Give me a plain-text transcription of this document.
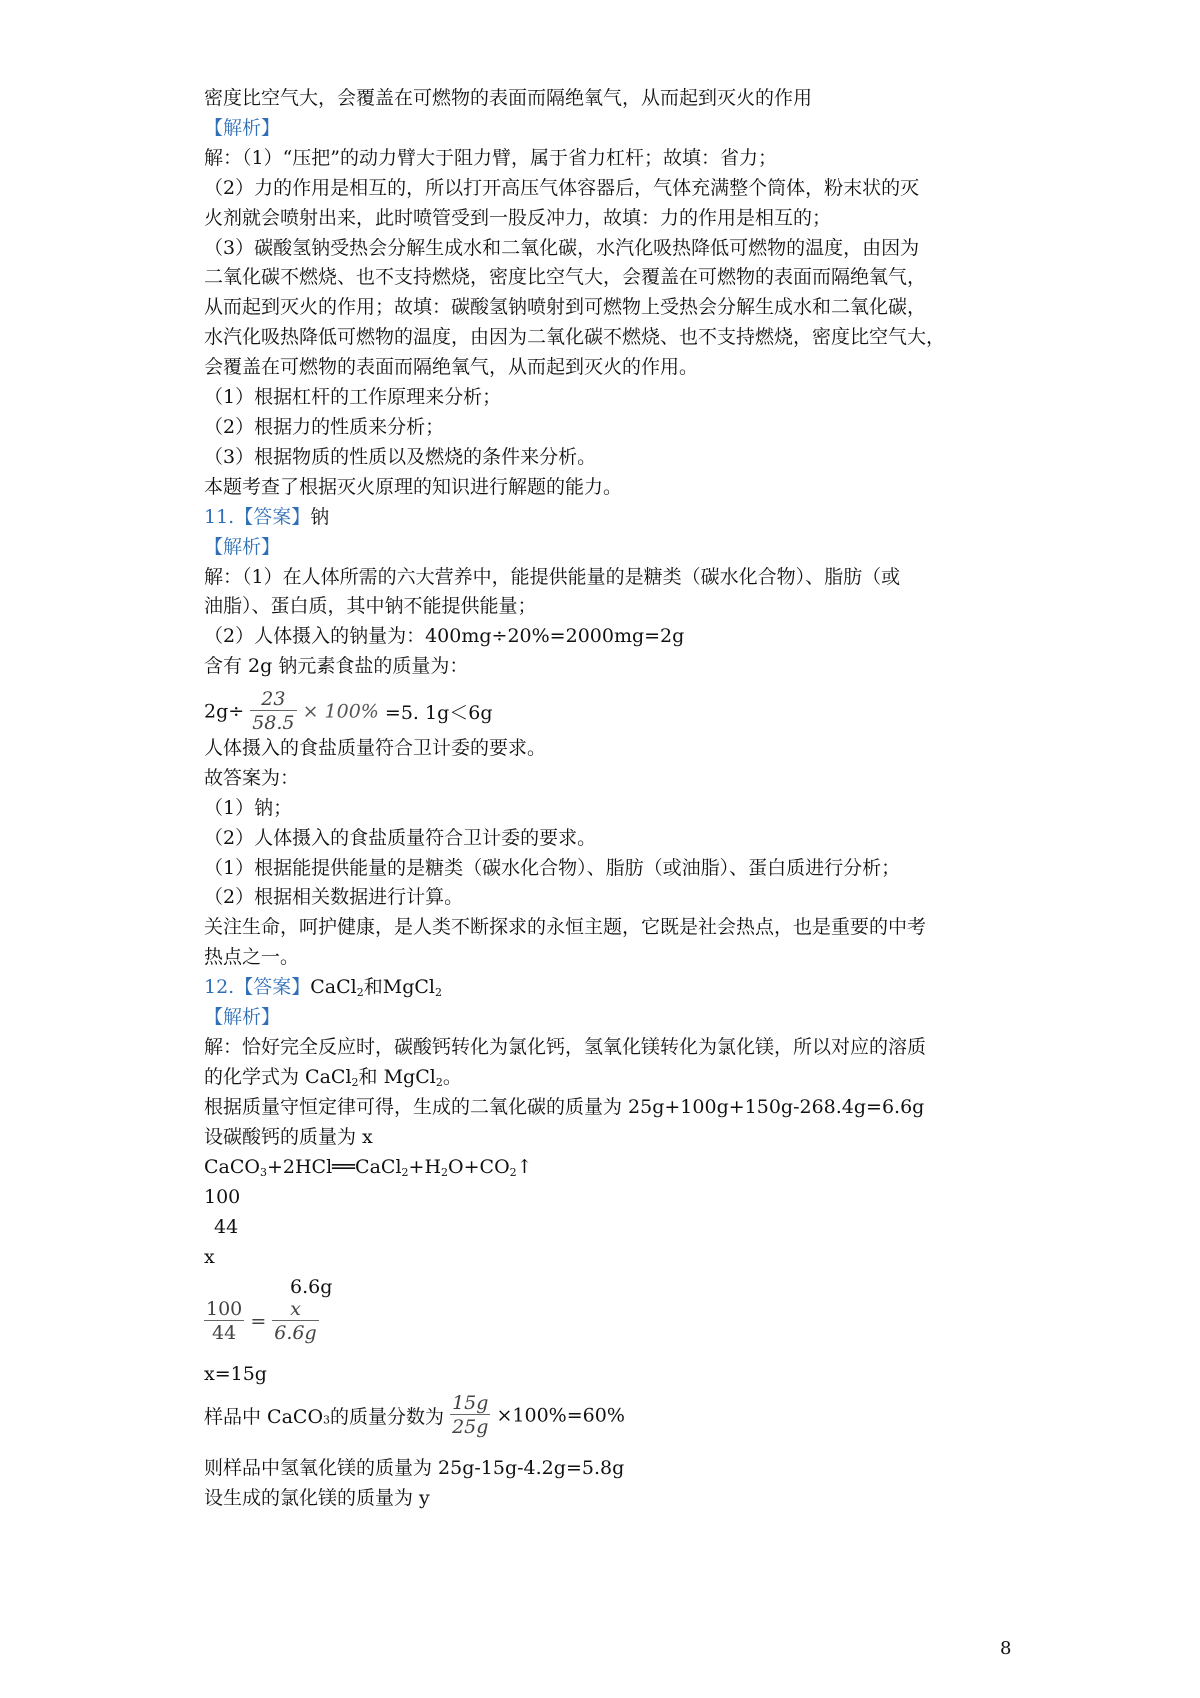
密度比空气大，会覆盖在可燃物的表面而隔绝氧气，从而起到灭火的作用
【解析】
解：（1）“压把”的动力臂大于阻力臂，属于省力杠杆；故填：省力；
（2）力的作用是相互的，所以打开高压气体容器后，气体充满整个筒体，粉末状的灭
火剂就会喷射出来，此时喷管受到一股反冲力，故填：力的作用是相互的；
（3）碳酸氢钠受热会分解生成水和二氧化碳，水汽化吸热降低可燃物的温度，由因为
二氧化碳不燃烧、也不支持燃烧，密度比空气大，会覆盖在可燃物的表面而隔绝氧气，
从而起到灭火的作用；故填：碳酸氢钠喷射到可燃物上受热会分解生成水和二氧化碳，
水汽化吸热降低可燃物的温度，由因为二氧化碳不燃烧、也不支持燃烧，密度比空气大，
会覆盖在可燃物的表面而隔绝氧气，从而起到灭火的作用。
（1）根据杠杆的工作原理来分析；
（2）根据力的性质来分析；
（3）根据物质的性质以及燃烧的条件来分析。
本题考查了根据灭火原理的知识进行解题的能力。
11.【答案】钠
【解析】
解：（1）在人体所需的六大营养中，能提供能量的是糖类（碳水化合物）、脂肪（或
油脂）、蛋白质，其中钠不能提供能量；
（2）人体摄入的钠量为：400mg÷20%=2000mg=2g
含有 2g 钠元素食盐的质量为：
$2g\div \frac{23}{58.5} \times 100\% =5$. 1g＜6g
人体摄入的食盐质量符合卫计委的要求。
故答案为：
（1）钠；
（2）人体摄入的食盐质量符合卫计委的要求。
（1）根据能提供能量的是糖类（碳水化合物）、脂肪（或油脂）、蛋白质进行分析；
（2）根据相关数据进行计算。
关注生命，呵护健康，是人类不断探求的永恒主题，它既是社会热点，也是重要的中考
热点之一。
12.【答案】CaCl$_2$和MgCl$_2$
【解析】
解：恰好完全反应时，碳酸钙转化为氯化钙，氢氧化镁转化为氯化镁，所以对应的溶质
的化学式为 CaCl$_2$和 MgCl$_2$。
根据质量守恒定律可得，生成的二氧化碳的质量为 25g+100g+150g-268.4g=6.6g
设碳酸钙的质量为 x
$CaCO_3+2HCl══CaCl_2+H_2O+CO_2↑$
100
44
x
6.6g
$\frac{100}{44} = \frac{x}{6.6g}$
x=15g
样品中 CaCO$_3$的质量分数为 $\frac{15g}{25g} \times 100\%=60\%$
则样品中氢氧化镁的质量为 25g-15g-4.2g=5.8g
设生成的氯化镁的质量为 y
8
